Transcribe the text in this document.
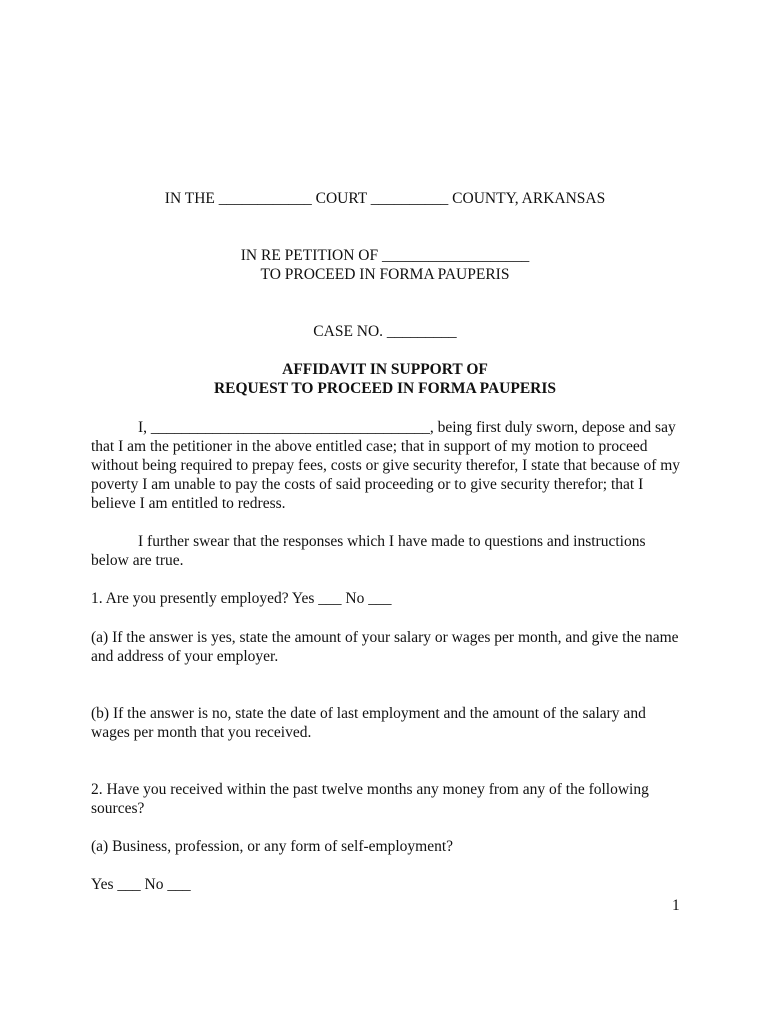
IN THE ____________ COURT __________ COUNTY, ARKANSAS
IN RE PETITION OF ___________________
TO PROCEED IN FORMA PAUPERIS
CASE NO. _________
AFFIDAVIT IN SUPPORT OF
REQUEST TO PROCEED IN FORMA PAUPERIS
I, ____________________________________, being first duly sworn, depose and say that I am the petitioner in the above entitled case; that in support of my motion to proceed without being required to prepay fees, costs or give security therefor, I state that because of my poverty I am unable to pay the costs of said proceeding or to give security therefor; that I believe I am entitled to redress.
I further swear that the responses which I have made to questions and instructions below are true.
1. Are you presently employed? Yes ___ No ___
(a) If the answer is yes, state the amount of your salary or wages per month, and give the name and address of your employer.
(b) If the answer is no, state the date of last employment and the amount of the salary and wages per month that you received.
2. Have you received within the past twelve months any money from any of the following sources?
(a) Business, profession, or any form of self-employment?
Yes ___ No ___
1
